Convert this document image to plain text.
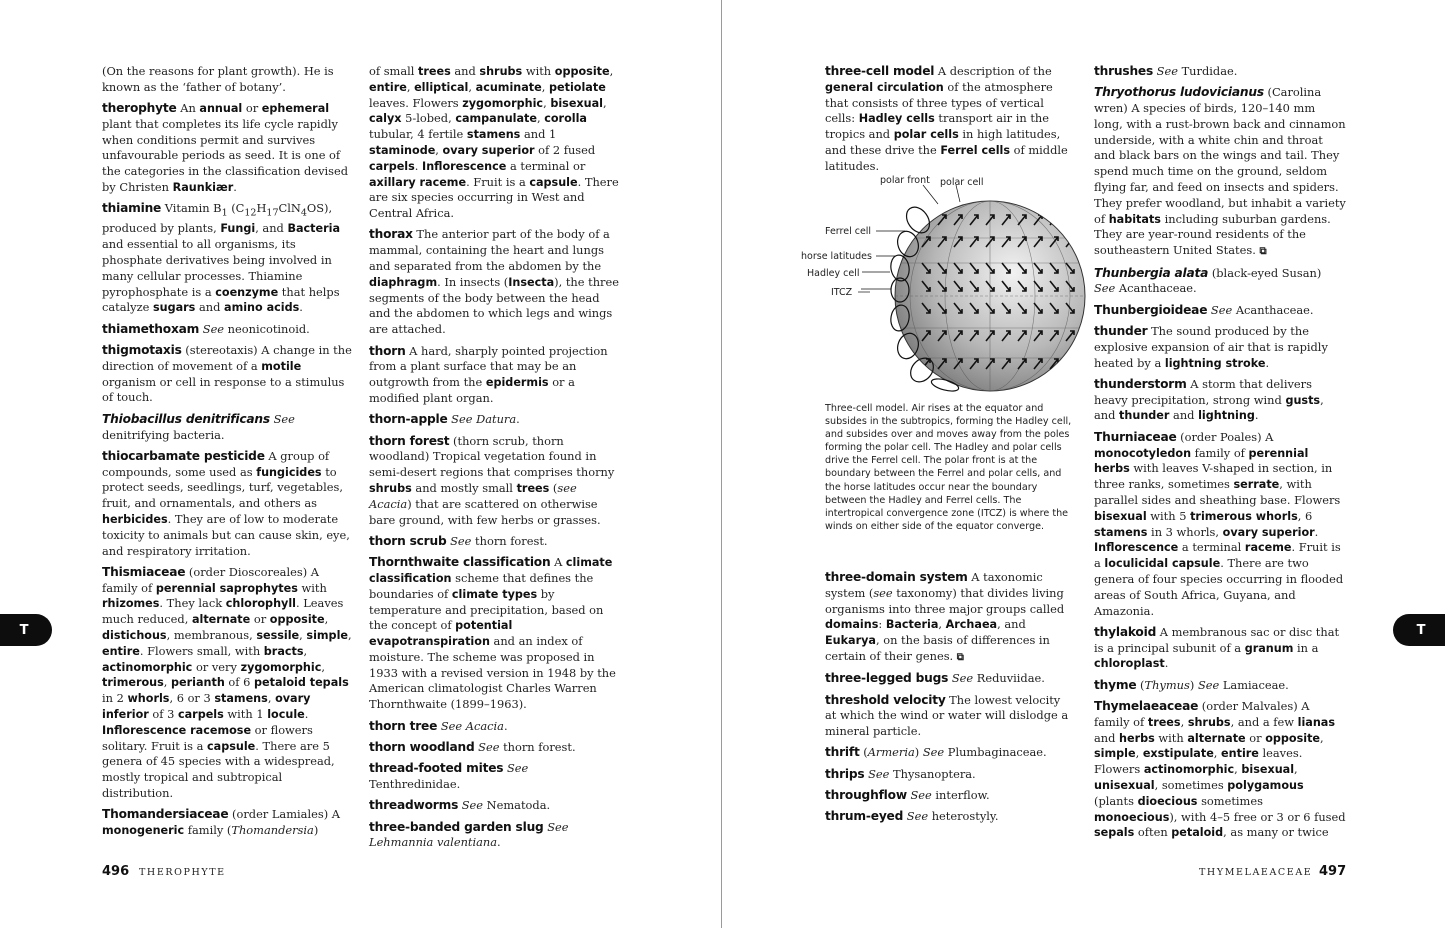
(On the reasons for plant growth). He is known as the ‘father of botany’.

therophyte An annual or ephemeral plant that completes its life cycle rapidly when conditions permit and survives unfavourable periods as seed. It is one of the categories in the classification devised by Christen Raunkiær.

thiamine Vitamin $B_1$ $(C_{12}H_{17}ClN_4OS)$, produced by plants, Fungi, and Bacteria and essential to all organisms, its phosphate derivatives being involved in many cellular processes. Thiamine pyrophosphate is a coenzyme that helps catalyze sugars and amino acids.

thiamethoxam See neonicotinoid.

thigmotaxis (stereotaxis) A change in the direction of movement of a motile organism or cell in response to a stimulus of touch.

Thiobacillus denitrificans See denitrifying bacteria.

thiocarbamate pesticide A group of compounds, some used as fungicides to protect seeds, seedlings, turf, vegetables, fruit, and ornamentals, and others as herbicides. They are of low to moderate toxicity to animals but can cause skin, eye, and respiratory irritation.

Thismiaceae (order Dioscoreales) A family of perennial saprophytes with rhizomes. They lack chlorophyll. Leaves much reduced, alternate or opposite, distichous, membranous, sessile, simple, entire. Flowers small, with bracts, actinomorphic or very zygomorphic, trimerous, perianth of 6 petaloid tepals in 2 whorls, 6 or 3 stamens, ovary inferior of 3 carpels with 1 locule. Inflorescence racemose or flowers solitary. Fruit is a capsule. There are 5 genera of 45 species with a widespread, mostly tropical and subtropical distribution.

Thomandersiaceae (order Lamiales) A monogeneric family (Thomandersia)

of small trees and shrubs with opposite, entire, elliptical, acuminate, petiolate leaves. Flowers zygomorphic, bisexual, calyx 5-lobed, campanulate, corolla tubular, 4 fertile stamens and 1 staminode, ovary superior of 2 fused carpels. Inflorescence a terminal or axillary raceme. Fruit is a capsule. There are six species occurring in West and Central Africa.

thorax The anterior part of the body of a mammal, containing the heart and lungs and separated from the abdomen by the diaphragm. In insects (Insecta), the three segments of the body between the head and the abdomen to which legs and wings are attached.

thorn A hard, sharply pointed projection from a plant surface that may be an outgrowth from the epidermis or a modified plant organ.

thorn-apple See Datura.

thorn forest (thorn scrub, thorn woodland) Tropical vegetation found in semi-desert regions that comprises thorny shrubs and mostly small trees (see Acacia) that are scattered on otherwise bare ground, with few herbs or grasses.

thorn scrub See thorn forest.

Thornthwaite classification A climate classification scheme that defines the boundaries of climate types by temperature and precipitation, based on the concept of potential evapotranspiration and an index of moisture. The scheme was proposed in 1933 with a revised version in 1948 by the American climatologist Charles Warren Thornthwaite (1899–1963).

thorn tree See Acacia.

thorn woodland See thorn forest.

thread-footed mites See Tenthredinidae.

threadworms See Nematoda.

three-banded garden slug See Lehmannia valentiana.

three-cell model A description of the general circulation of the atmosphere that consists of three types of vertical cells: Hadley cells transport air in the tropics and polar cells in high latitudes, and these drive the Ferrel cells of middle latitudes.

polar front polar cell
Ferrel cell
horse latitudes
Hadley cell
ITCZ
Three-cell model. Air rises at the equator and subsides in the subtropics, forming the Hadley cell, and subsides over and moves away from the poles forming the polar cell. The Hadley and polar cells drive the Ferrel cell. The polar front is at the boundary between the Ferrel and polar cells, and the horse latitudes occur near the boundary between the Hadley and Ferrel cells. The intertropical convergence zone (ITCZ) is where the winds on either side of the equator converge.

three-domain system A taxonomic system (see taxonomy) that divides living organisms into three major groups called domains: Bacteria, Archaea, and Eukarya, on the basis of differences in certain of their genes. ⧉

three-legged bugs See Reduviidae.

threshold velocity The lowest velocity at which the wind or water will dislodge a mineral particle.

thrift (Armeria) See Plumbaginaceae.

thrips See Thysanoptera.

throughflow See interflow.

thrum-eyed See heterostyly.

thrushes See Turdidae.

Thryothorus ludovicianus (Carolina wren) A species of birds, 120–140 mm long, with a rust-brown back and cinnamon underside, with a white chin and throat and black bars on the wings and tail. They spend much time on the ground, seldom flying far, and feed on insects and spiders. They prefer woodland, but inhabit a variety of habitats including suburban gardens. They are year-round residents of the southeastern United States. ⧉

Thunbergia alata (black-eyed Susan) See Acanthaceae.

Thunbergioideae See Acanthaceae.

thunder The sound produced by the explosive expansion of air that is rapidly heated by a lightning stroke.

thunderstorm A storm that delivers heavy precipitation, strong wind gusts, and thunder and lightning.

Thurniaceae (order Poales) A monocotyledon family of perennial herbs with leaves V-shaped in section, in three ranks, sometimes serrate, with parallel sides and sheathing base. Flowers bisexual with 5 trimerous whorls, 6 stamens in 3 whorls, ovary superior. Inflorescence a terminal raceme. Fruit is a loculicidal capsule. There are two genera of four species occurring in flooded areas of South Africa, Guyana, and Amazonia.

thylakoid A membranous sac or disc that is a principal subunit of a granum in a chloroplast.

thyme (Thymus) See Lamiaceae.

Thymelaeaceae (order Malvales) A family of trees, shrubs, and a few lianas and herbs with alternate or opposite, simple, exstipulate, entire leaves. Flowers actinomorphic, bisexual, unisexual, sometimes polygamous (plants dioecious sometimes monoecious), with 4–5 free or 3 or 6 fused sepals often petaloid, as many or twice

T	T
496 THEROPHYTE	THYMELAEACEAE 497
